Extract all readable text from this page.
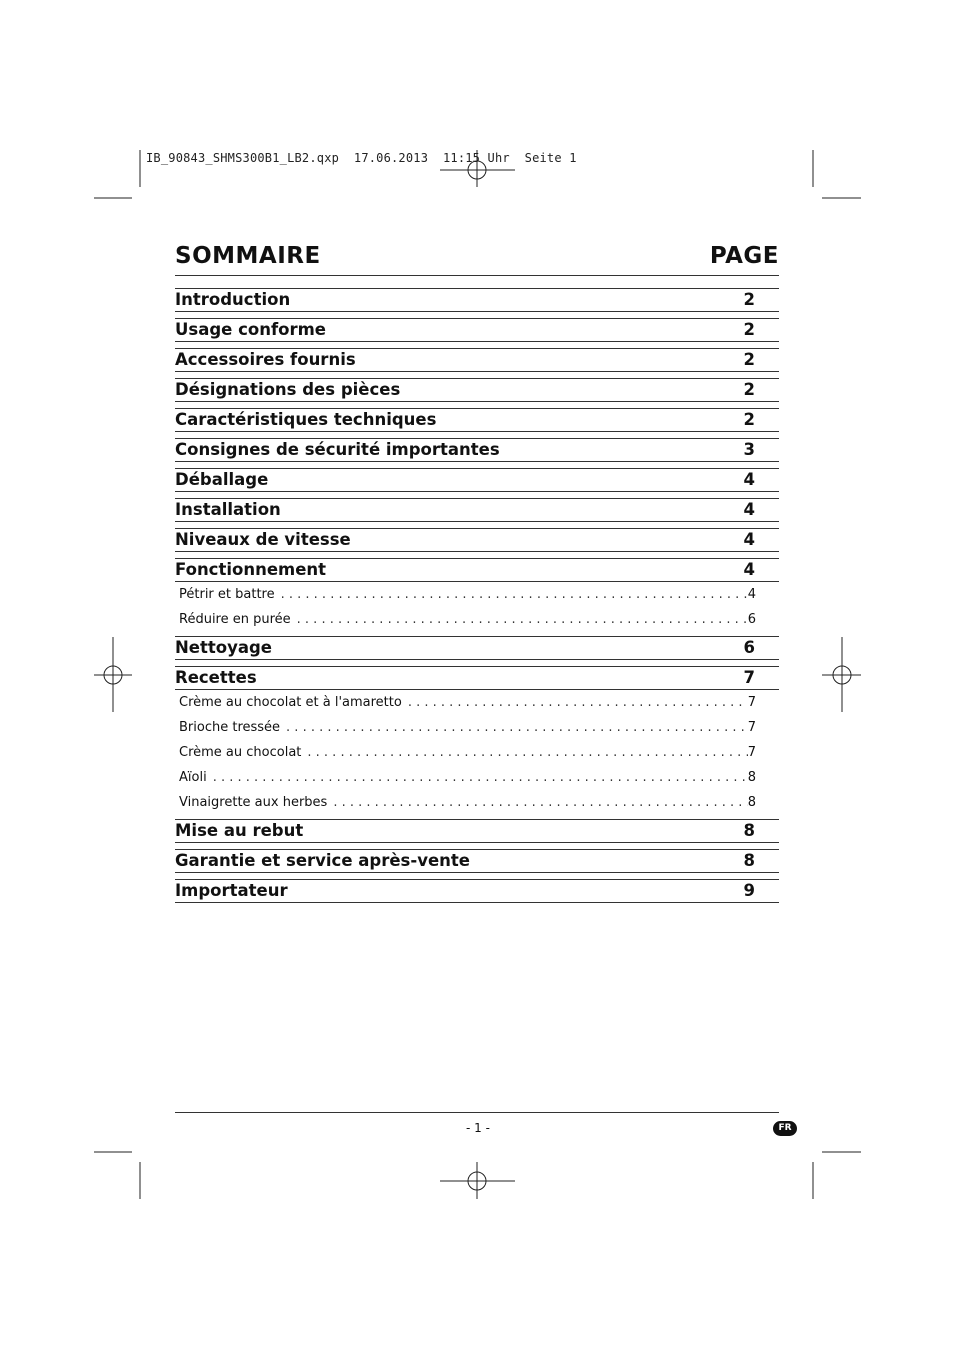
IB_90843_SHMS300B1_LB2.qxp  17.06.2013  11:15 Uhr  Seite 1
SOMMAIRE	PAGE
Introduction	2
Usage conforme	2
Accessoires fournis	2
Désignations des pièces	2
Caractéristiques techniques	2
Consignes de sécurité importantes	3
Déballage	4
Installation	4
Niveaux de vitesse	4
Fonctionnement	4
Pétrir et battre . . .	4
Réduire en purée . . .	6
Nettoyage	6
Recettes	7
Crème au chocolat et à l'amaretto . . .	7
Brioche tressée . . .	7
Crème au chocolat . . .	7
Aïoli . . .	8
Vinaigrette aux herbes . . .	8
Mise au rebut	8
Garantie et service après-vente	8
Importateur	9
- 1 -	FR
